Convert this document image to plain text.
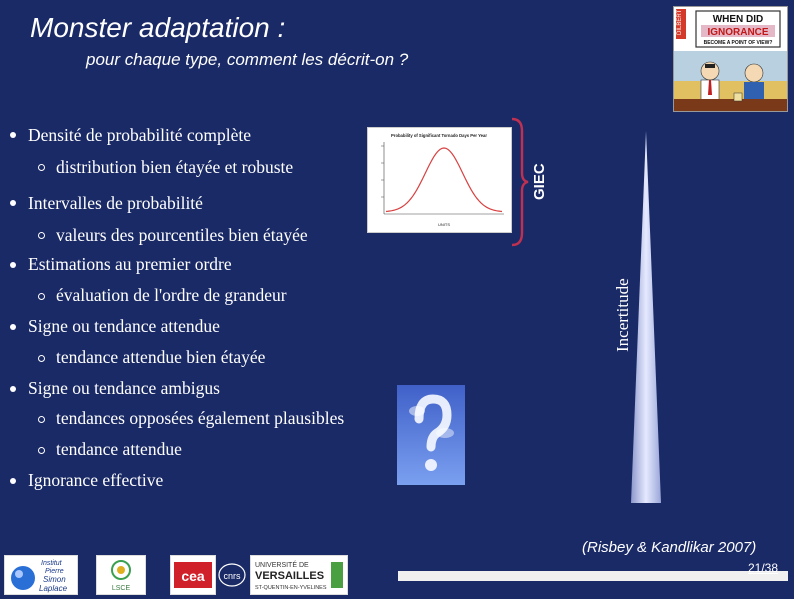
Monster adaptation :
pour chaque type, comment les décrit-on ?
DILBERT	WHEN DID
IGNORANCE
BECOME A POINT OF VIEW?
Densité de probabilité complète
distribution bien étayée et robuste
Intervalles de probabilité
valeurs des pourcentiles bien étayée
Estimations au premier ordre
évaluation de l'ordre de grandeur
Signe ou tendance attendue
tendance attendue bien étayée
Signe ou tendance ambigus
tendances opposées également plausibles
tendance attendue
Ignorance effective
Probability of Significant Tornado Days Per Year
UNITS
GIEC
Incertitude
(Risbey & Kandlikar 2007)
21/38
Institut
Pierre
Simon
Laplace	LSCE
cea cnrs
UNIVERSITÉ DE
VERSAILLES
ST-QUENTIN-EN-YVELINES
